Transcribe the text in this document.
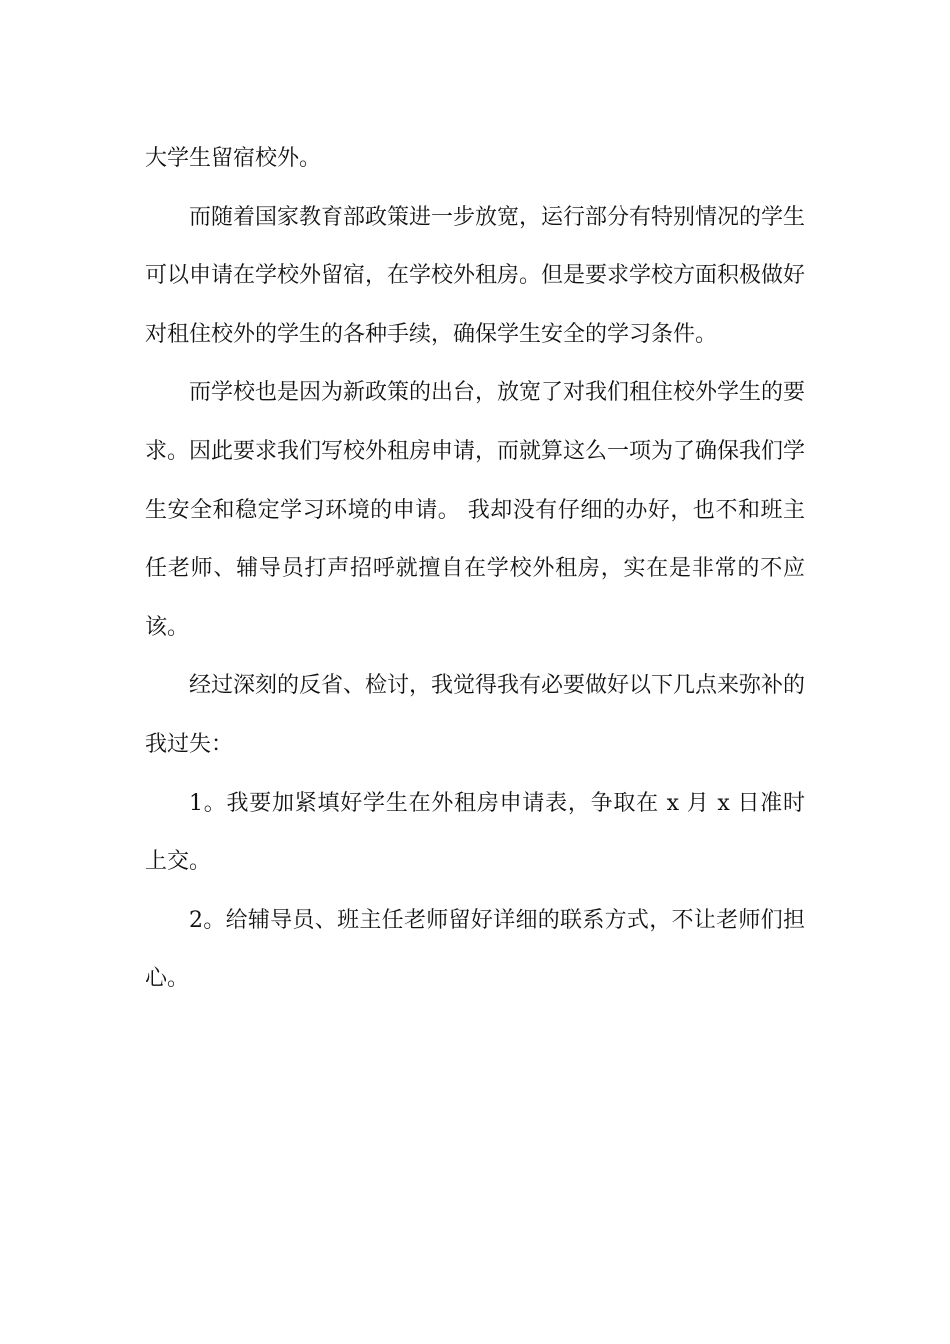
大学生留宿校外。

而随着国家教育部政策进一步放宽，运行部分有特别情况的学生可以申请在学校外留宿，在学校外租房。但是要求学校方面积极做好对租住校外的学生的各种手续，确保学生安全的学习条件。

而学校也是因为新政策的出台，放宽了对我们租住校外学生的要求。因此要求我们写校外租房申请，而就算这么一项为了确保我们学生安全和稳定学习环境的申请。 我却没有仔细的办好，也不和班主任老师、辅导员打声招呼就擅自在学校外租房，实在是非常的不应该。

经过深刻的反省、检讨，我觉得我有必要做好以下几点来弥补的我过失：

1。我要加紧填好学生在外租房申请表，争取在 x 月 x 日准时上交。

2。给辅导员、班主任老师留好详细的联系方式，不让老师们担心。
